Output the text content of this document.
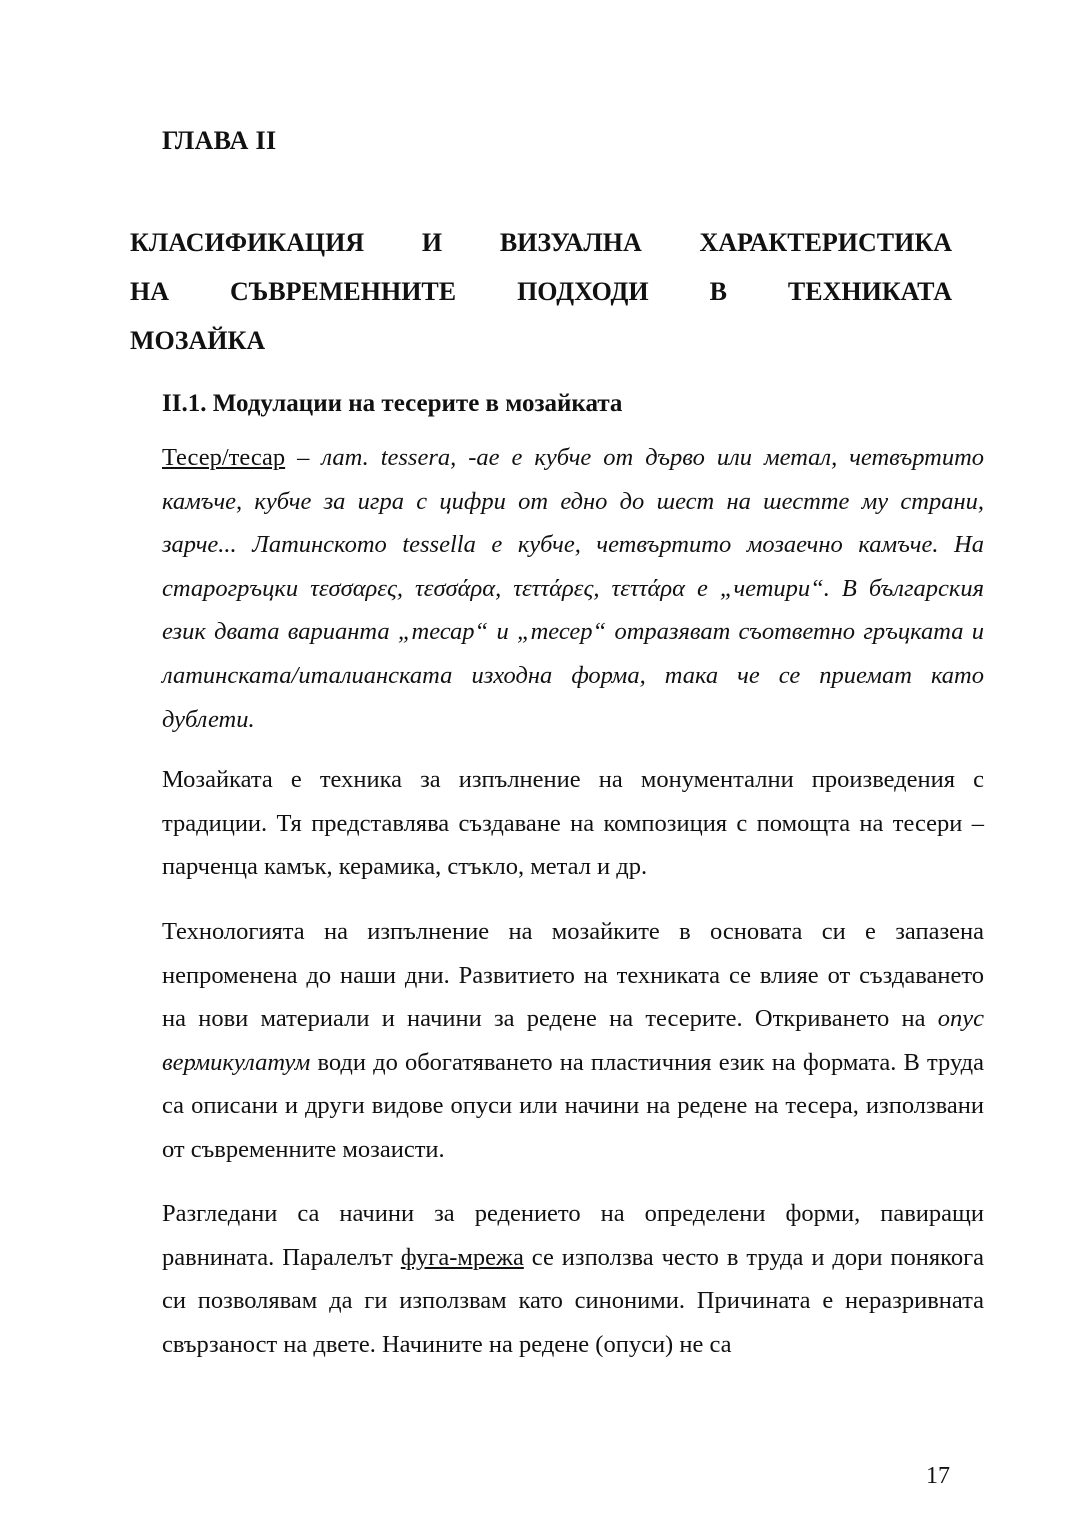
ГЛАВА II
КЛАСИФИКАЦИЯ И ВИЗУАЛНА ХАРАКТЕРИСТИКА
НА СЪВРЕМЕННИТЕ ПОДХОДИ В ТЕХНИКАТА
МОЗАЙКА
II.1. Модулации на тесерите в мозайката

Тесер/тесар – лат. tessera, -ae е кубче от дърво или метал, четвъртито камъче, кубче за игра с цифри от едно до шест на шестте му страни, зарче... Латинското tessella е кубче, четвъртито мозаечно камъче. На старогръцки τεσσαρες, τεσσάρα, τεττάρες, τεττάρα е „четири“. В българския език двата варианта „тесар“ и „тесер“ отразяват съответно гръцката и латинската/италианската изходна форма, така че се приемат като дублети.

Мозайката е техника за изпълнение на монументални произведения с традиции. Тя представлява създаване на композиция с помощта на тесери – парченца камък, керамика, стъкло, метал и др.

Технологията на изпълнение на мозайките в основата си е запазена непроменена до наши дни. Развитието на техниката се влияе от създаването на нови материали и начини за редене на тесерите. Откриването на опус вермикулатум води до обогатяването на пластичния език на формата. В труда са описани и други видове опуси или начини на редене на тесера, използвани от съвременните мозаисти.

Разгледани са начини за редението на определени форми, павиращи равнината. Паралелът фуга-мрежа се използва често в труда и дори понякога си позволявам да ги използвам като синоними. Причината е неразривната свързаност на двете. Начините на редене (опуси) не са

17
